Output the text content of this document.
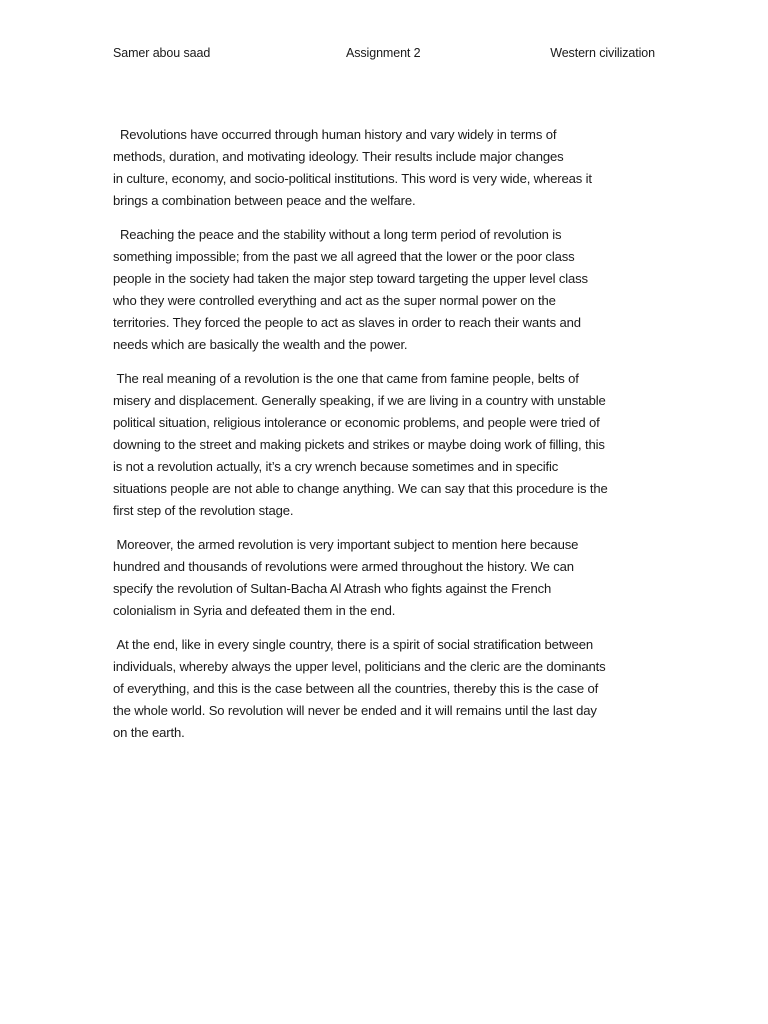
Samer abou saad	Assignment 2	Western civilization

Revolutions have occurred through human history and vary widely in terms of
methods, duration, and motivating ideology. Their results include major changes
in culture, economy, and socio-political institutions. This word is very wide, whereas it
brings a combination between peace and the welfare.

Reaching the peace and the stability without a long term period of revolution is
something impossible; from the past we all agreed that the lower or the poor class
people in the society had taken the major step toward targeting the upper level class
who they were controlled everything and act as the super normal power on the
territories. They forced the people to act as slaves in order to reach their wants and
needs which are basically the wealth and the power.

The real meaning of a revolution is the one that came from famine people, belts of
misery and displacement. Generally speaking, if we are living in a country with unstable
political situation, religious intolerance or economic problems, and people were tried of
downing to the street and making pickets and strikes or maybe doing work of filling, this
is not a revolution actually, it’s a cry wrench because sometimes and in specific
situations people are not able to change anything. We can say that this procedure is the
first step of the revolution stage.

Moreover, the armed revolution is very important subject to mention here because
hundred and thousands of revolutions were armed throughout the history. We can
specify the revolution of Sultan-Bacha Al Atrash who fights against the French
colonialism in Syria and defeated them in the end.

At the end, like in every single country, there is a spirit of social stratification between
individuals, whereby always the upper level, politicians and the cleric are the dominants
of everything, and this is the case between all the countries, thereby this is the case of
the whole world. So revolution will never be ended and it will remains until the last day
on the earth.
